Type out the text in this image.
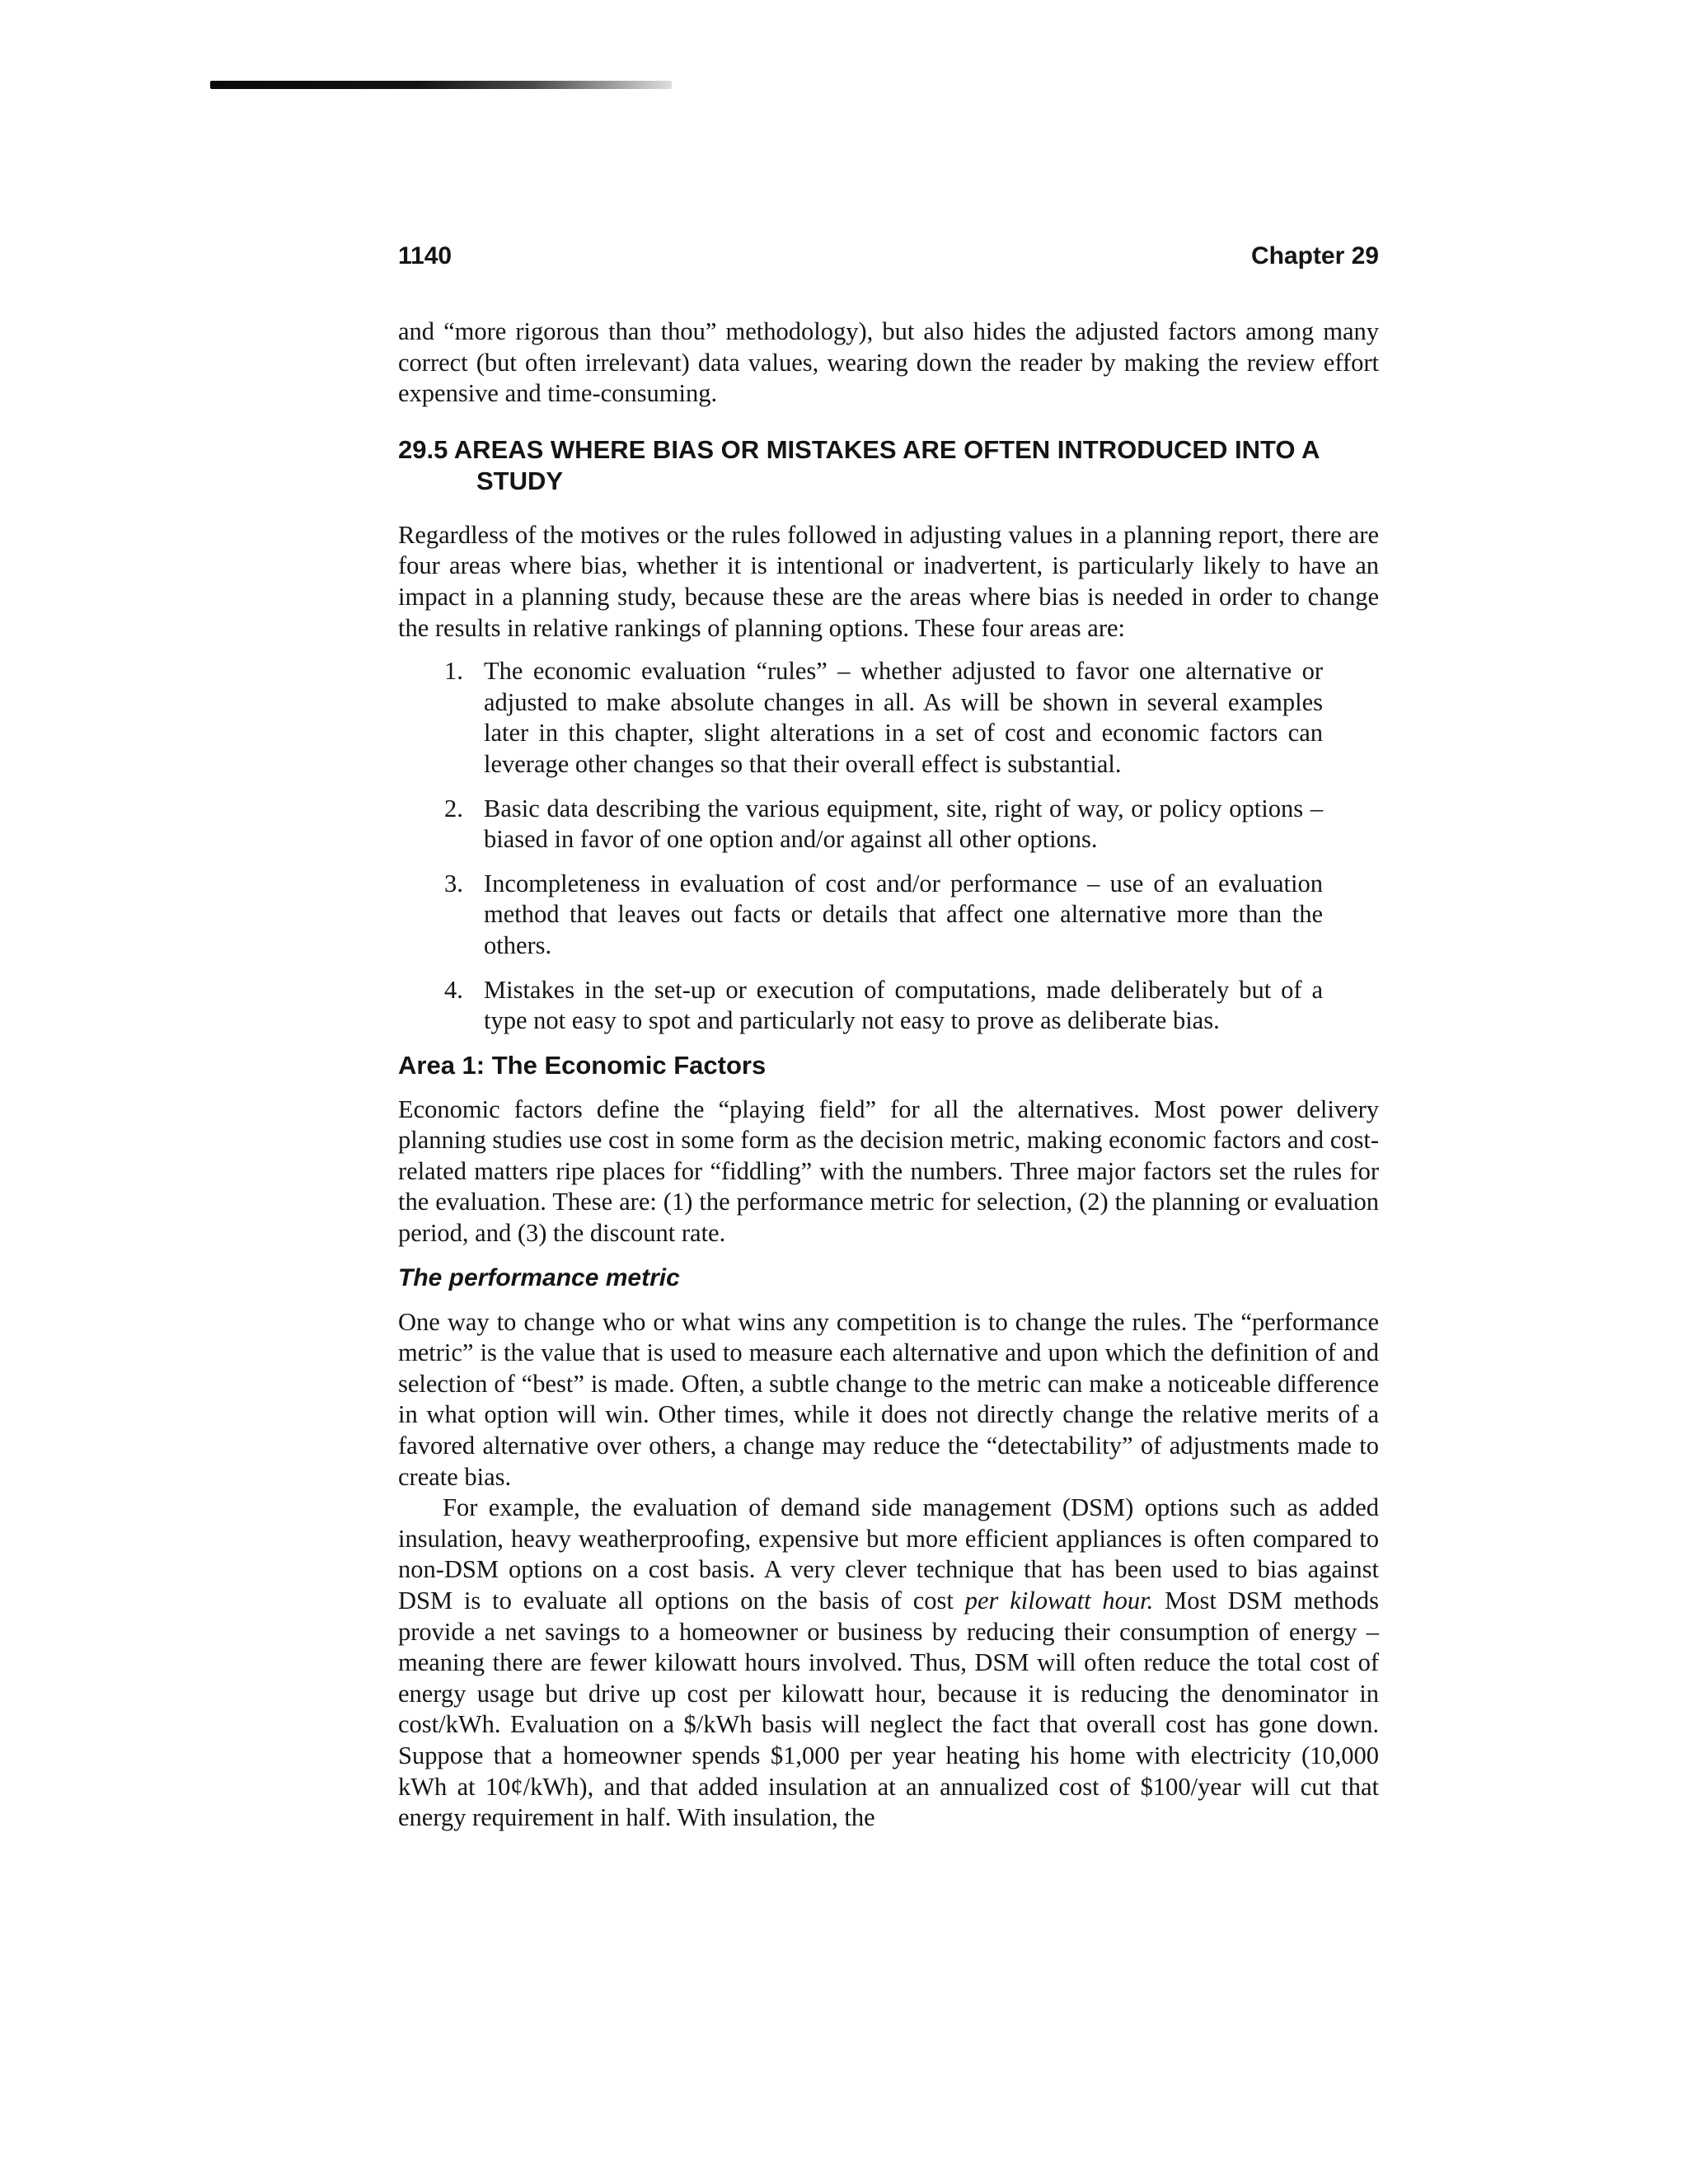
1140	Chapter 29

and “more rigorous than thou” methodology), but also hides the adjusted factors among many correct (but often irrelevant) data values, wearing down the reader by making the review effort expensive and time-consuming.

29.5 AREAS WHERE BIAS OR MISTAKES ARE OFTEN INTRODUCED INTO A STUDY

Regardless of the motives or the rules followed in adjusting values in a planning report, there are four areas where bias, whether it is intentional or inadvertent, is particularly likely to have an impact in a planning study, because these are the areas where bias is needed in order to change the results in relative rankings of planning options. These four areas are:

1. The economic evaluation “rules” – whether adjusted to favor one alternative or adjusted to make absolute changes in all. As will be shown in several examples later in this chapter, slight alterations in a set of cost and economic factors can leverage other changes so that their overall effect is substantial.

2. Basic data describing the various equipment, site, right of way, or policy options – biased in favor of one option and/or against all other options.

3. Incompleteness in evaluation of cost and/or performance – use of an evaluation method that leaves out facts or details that affect one alternative more than the others.

4. Mistakes in the set-up or execution of computations, made deliberately but of a type not easy to spot and particularly not easy to prove as deliberate bias.

Area 1: The Economic Factors

Economic factors define the “playing field” for all the alternatives. Most power delivery planning studies use cost in some form as the decision metric, making economic factors and cost-related matters ripe places for “fiddling” with the numbers. Three major factors set the rules for the evaluation. These are: (1) the performance metric for selection, (2) the planning or evaluation period, and (3) the discount rate.

The performance metric

One way to change who or what wins any competition is to change the rules. The “performance metric” is the value that is used to measure each alternative and upon which the definition of and selection of “best” is made. Often, a subtle change to the metric can make a noticeable difference in what option will win. Other times, while it does not directly change the relative merits of a favored alternative over others, a change may reduce the “detectability” of adjustments made to create bias.

For example, the evaluation of demand side management (DSM) options such as added insulation, heavy weatherproofing, expensive but more efficient appliances is often compared to non-DSM options on a cost basis. A very clever technique that has been used to bias against DSM is to evaluate all options on the basis of cost per kilowatt hour. Most DSM methods provide a net savings to a homeowner or business by reducing their consumption of energy – meaning there are fewer kilowatt hours involved. Thus, DSM will often reduce the total cost of energy usage but drive up cost per kilowatt hour, because it is reducing the denominator in cost/kWh. Evaluation on a $/kWh basis will neglect the fact that overall cost has gone down. Suppose that a homeowner spends $1,000 per year heating his home with electricity (10,000 kWh at 10¢/kWh), and that added insulation at an annualized cost of $100/year will cut that energy requirement in half. With insulation, the
